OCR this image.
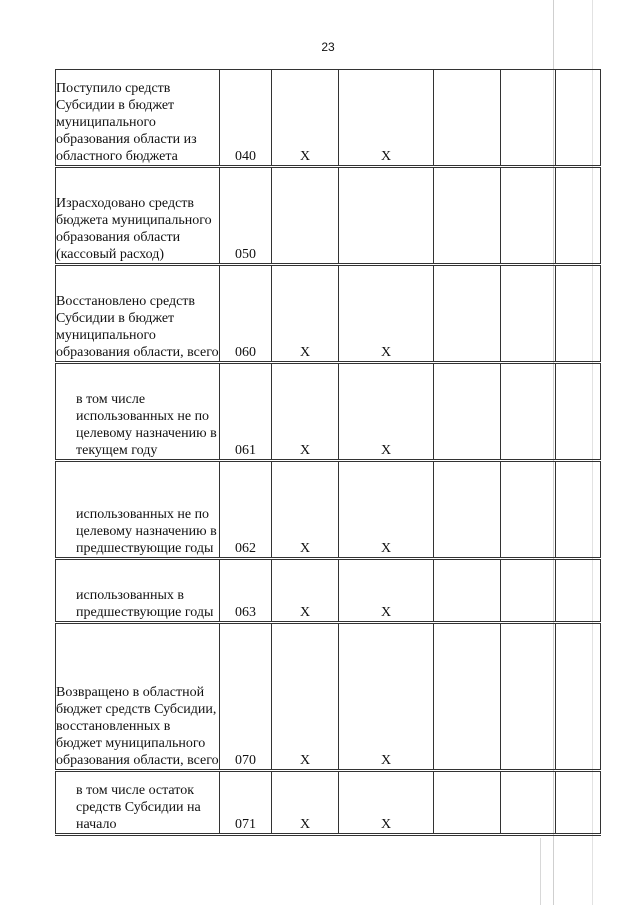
23
Поступило средств Субсидии в бюджет муниципального образования области из областного бюджета	040	X	X			
Израсходовано средств бюджета муниципального образования области (кассовый расход)	050					
Восстановлено средств Субсидии в бюджет муниципального образования области, всего	060	X	X			
в том числе использованных не по целевому назначению в текущем году	061	X	X			
использованных не по целевому назначению в предшествующие годы	062	X	X			
использованных в предшествующие годы	063	X	X			
Возвращено в областной бюджет средств Субсидии, восстановленных в бюджет муниципального образования области, всего	070	X	X			
в том числе остаток средств Субсидии на начало	071	X	X			
